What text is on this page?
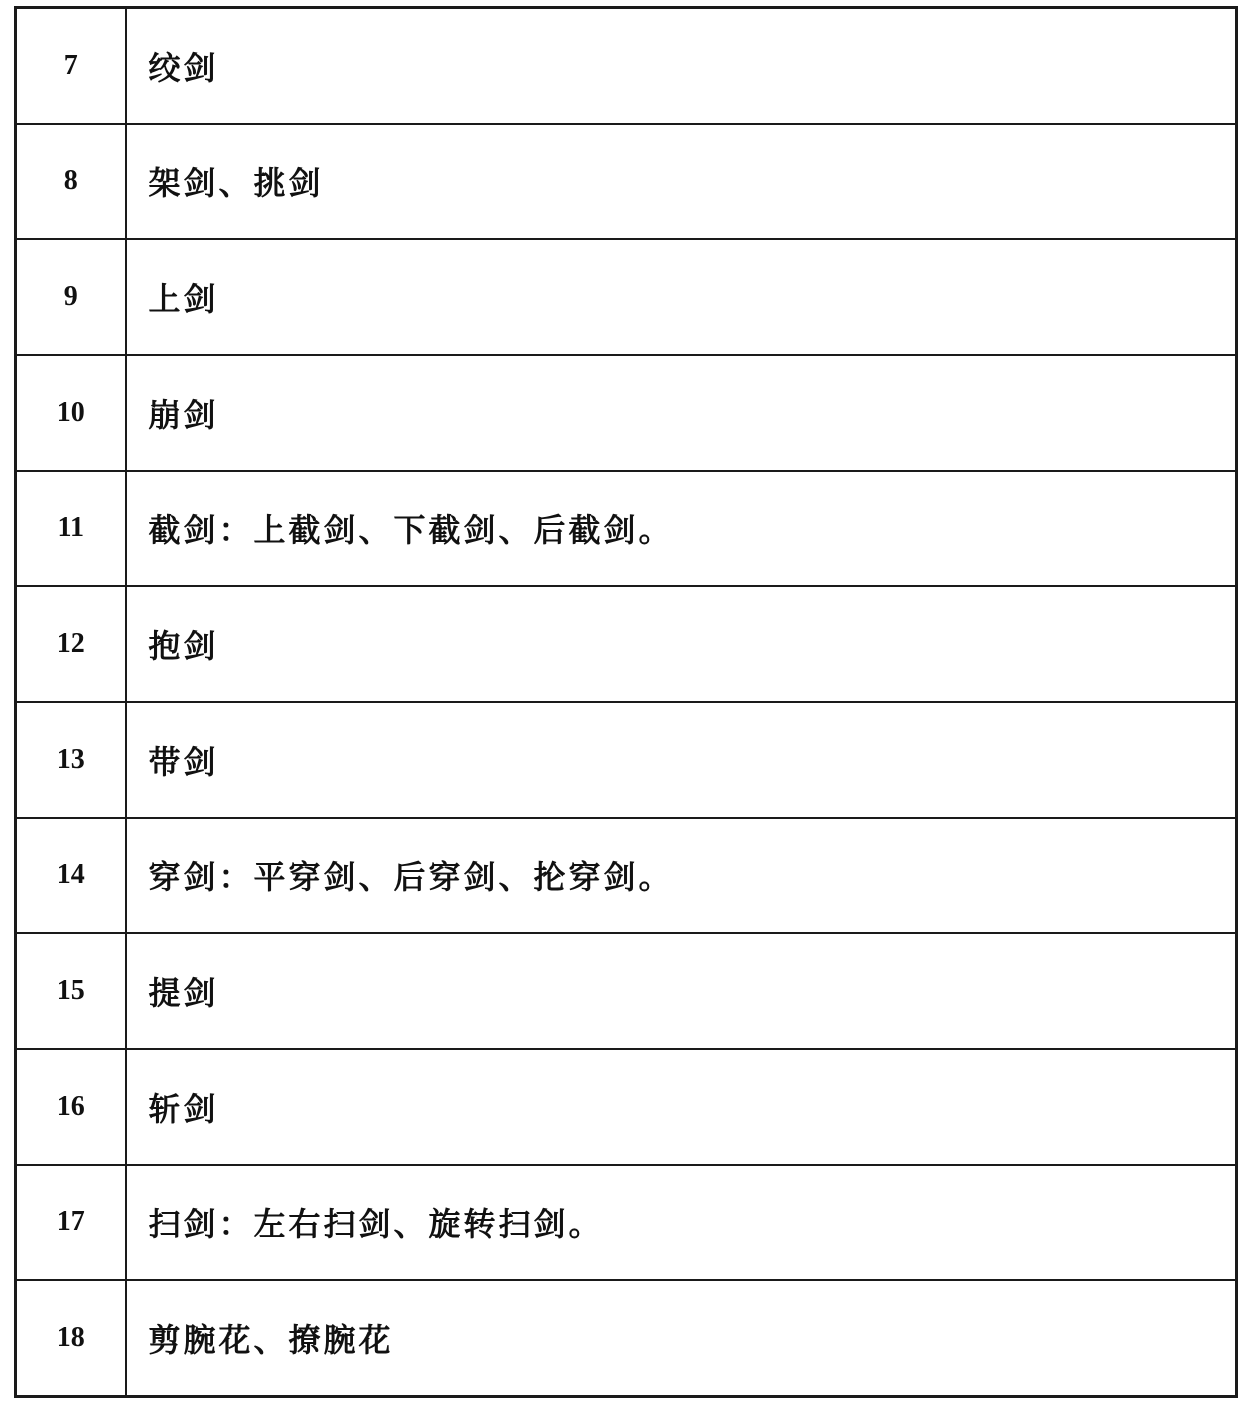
7	绞剑
8	架剑、挑剑
9	上剑
10	崩剑
11	截剑：上截剑、下截剑、后截剑。
12	抱剑
13	带剑
14	穿剑：平穿剑、后穿剑、抡穿剑。
15	提剑
16	斩剑
17	扫剑：左右扫剑、旋转扫剑。
18	剪腕花、撩腕花
